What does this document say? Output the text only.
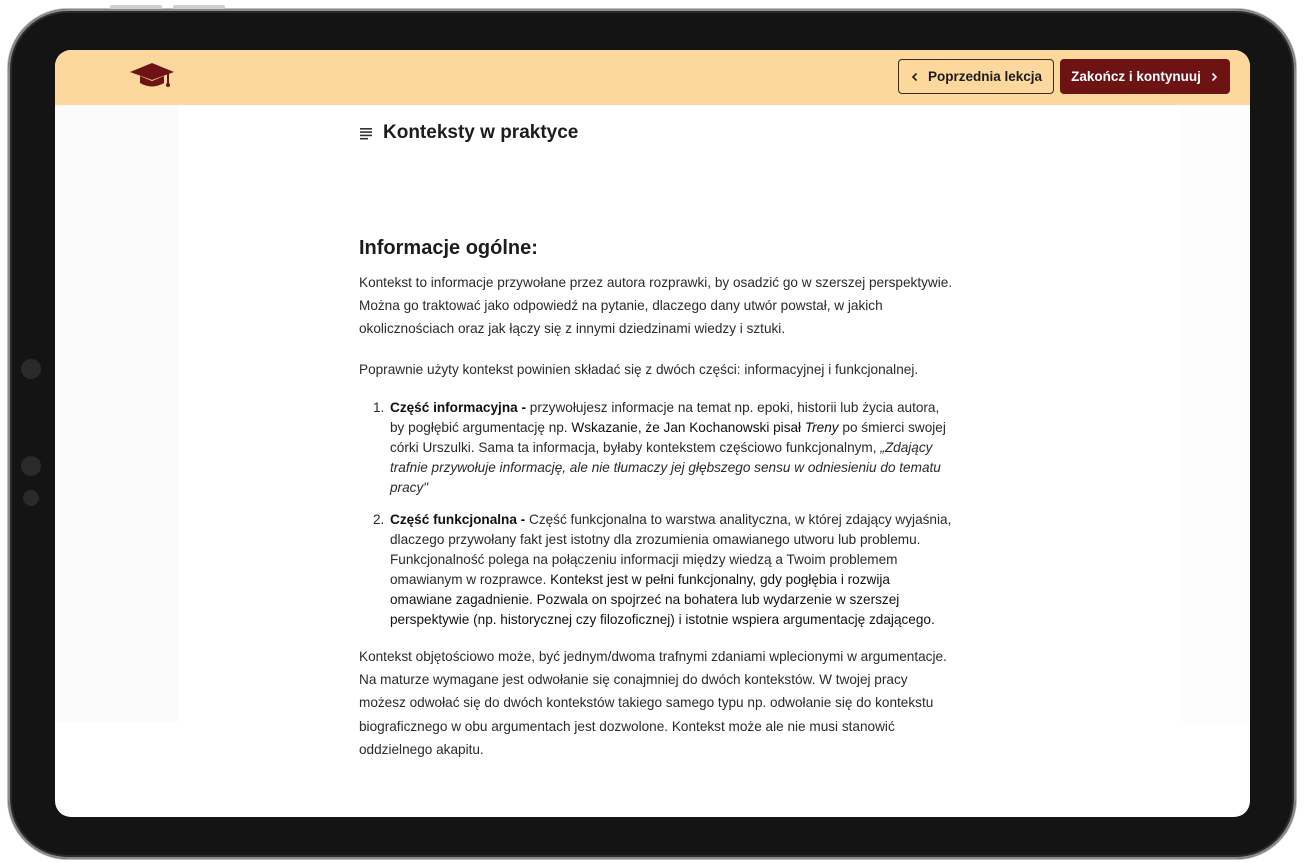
Poprzednia lekcja Zakończ i kontynuuj
Konteksty w praktyce
Informacje ogólne:

Kontekst to informacje przywołane przez autora rozprawki, by osadzić go w szerszej perspektywie. Można go traktować jako odpowiedź na pytanie, dlaczego dany utwór powstał, w jakich okolicznościach oraz jak łączy się z innymi dziedzinami wiedzy i sztuki.

Poprawnie użyty kontekst powinien składać się z dwóch części: informacyjnej i funkcjonalnej.

1. Część informacyjna - przywołujesz informacje na temat np. epoki, historii lub życia autora, by pogłębić argumentację np. Wskazanie, że Jan Kochanowski pisał Treny po śmierci swojej córki Urszulki. Sama ta informacja, byłaby kontekstem częściowo funkcjonalnym, „Zdający trafnie przywołuje informację, ale nie tłumaczy jej głębszego sensu w odniesieniu do tematu pracy"
2. Część funkcjonalna - Część funkcjonalna to warstwa analityczna, w której zdający wyjaśnia, dlaczego przywołany fakt jest istotny dla zrozumienia omawianego utworu lub problemu. Funkcjonalność polega na połączeniu informacji między wiedzą a Twoim problemem omawianym w rozprawce. Kontekst jest w pełni funkcjonalny, gdy pogłębia i rozwija omawiane zagadnienie. Pozwala on spojrzeć na bohatera lub wydarzenie w szerszej perspektywie (np. historycznej czy filozoficznej) i istotnie wspiera argumentację zdającego.

Kontekst objętościowo może, być jednym/dwoma trafnymi zdaniami wplecionymi w argumentacje. Na maturze wymagane jest odwołanie się conajmniej do dwóch kontekstów. W twojej pracy możesz odwołać się do dwóch kontekstów takiego samego typu np. odwołanie się do kontekstu biograficznego w obu argumentach jest dozwolone. Kontekst może ale nie musi stanowić oddzielnego akapitu.
